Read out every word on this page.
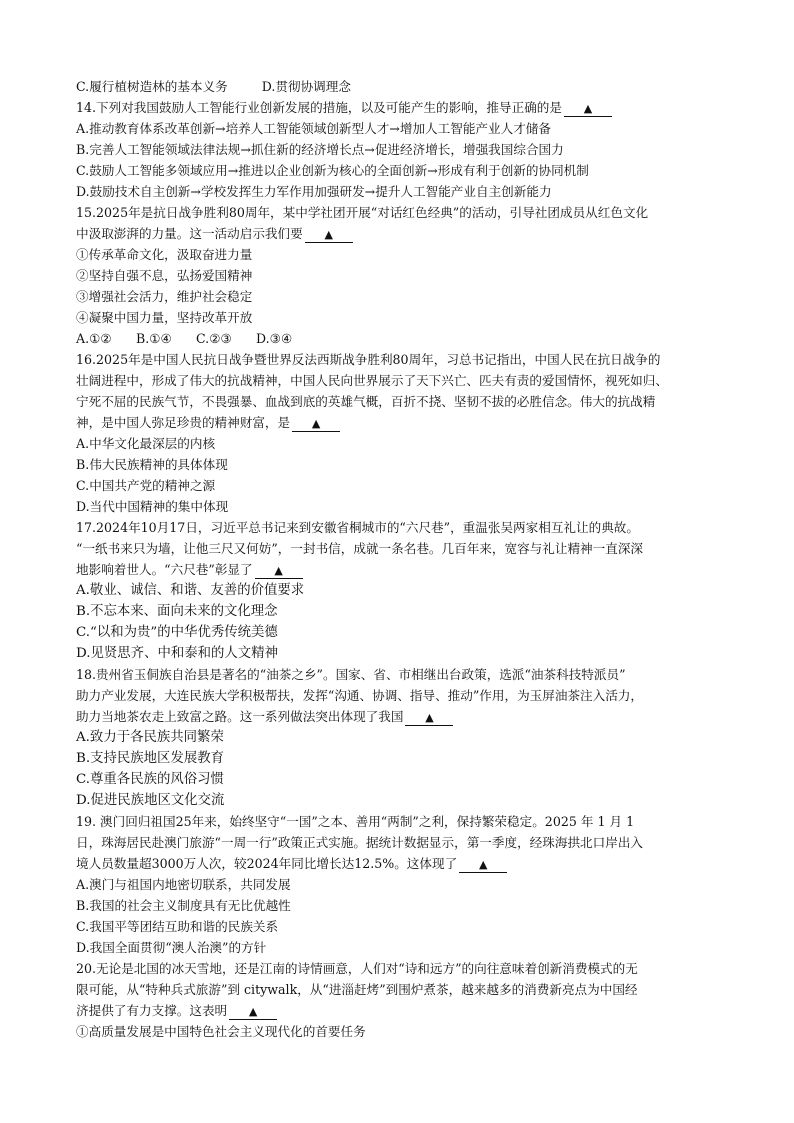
C.履行植树造林的基本义务	D.贯彻协调理念
14.下列对我国鼓励人工智能行业创新发展的措施，以及可能产生的影响，推导正确的是 ▲
A.推动教育体系改革创新→培养人工智能领域创新型人才→增加人工智能产业人才储备
B.完善人工智能领域法律法规→抓住新的经济增长点→促进经济增长，增强我国综合国力
C.鼓励人工智能多领域应用→推进以企业创新为核心的全面创新→形成有利于创新的协同机制
D.鼓励技术自主创新→学校发挥生力军作用加强研发→提升人工智能产业自主创新能力
15.2025年是抗日战争胜利80周年，某中学社团开展“对话红色经典”的活动，引导社团成员从红色文化
中汲取澎湃的力量。这一活动启示我们要 ▲
①传承革命文化，汲取奋进力量
②坚持自强不息，弘扬爱国精神
③增强社会活力，维护社会稳定
④凝聚中国力量，坚持改革开放
A.①② B.①④ C.②③ D.③④
16.2025年是中国人民抗日战争暨世界反法西斯战争胜利80周年，习总书记指出，中国人民在抗日战争的
壮阔进程中，形成了伟大的抗战精神，中国人民向世界展示了天下兴亡、匹夫有责的爱国情怀，视死如归、
宁死不屈的民族气节，不畏强暴、血战到底的英雄气概，百折不挠、坚韧不拔的必胜信念。伟大的抗战精
神，是中国人弥足珍贵的精神财富，是 ▲
A.中华文化最深层的内核
B.伟大民族精神的具体体现
C.中国共产党的精神之源
D.当代中国精神的集中体现
17.2024年10月17日，习近平总书记来到安徽省桐城市的“六尺巷”，重温张吴两家相互礼让的典故。
“一纸书来只为墙，让他三尺又何妨”，一封书信，成就一条名巷。几百年来，宽容与礼让精神一直深深
地影响着世人。“六尺巷”彰显了 ▲
A.敬业、诚信、和谐、友善的价值要求
B.不忘本来、面向未来的文化理念
C.“以和为贵”的中华优秀传统美德
D.见贤思齐、中和泰和的人文精神
18.贵州省玉侗族自治县是著名的“油茶之乡”。国家、省、市相继出台政策，选派“油茶科技特派员”
助力产业发展，大连民族大学积极帮扶，发挥“沟通、协调、指导、推动”作用，为玉屏油茶注入活力，
助力当地茶农走上致富之路。这一系列做法突出体现了我国 ▲
A.致力于各民族共同繁荣
B.支持民族地区发展教育
C.尊重各民族的风俗习惯
D.促进民族地区文化交流
19. 澳门回归祖国25年来，始终坚守“一国”之本、善用“两制”之利，保持繁荣稳定。2025 年 1 月 1
日，珠海居民赴澳门旅游“一周一行”政策正式实施。据统计数据显示，第一季度，经珠海拱北口岸出入
境人员数量超3000万人次，较2024年同比增长达12.5%。这体现了 ▲
A.澳门与祖国内地密切联系，共同发展
B.我国的社会主义制度具有无比优越性
C.我国平等团结互助和谐的民族关系
D.我国全面贯彻“澳人治澳”的方针
20.无论是北国的冰天雪地，还是江南的诗情画意，人们对“诗和远方”的向往意味着创新消费模式的无
限可能，从“特种兵式旅游”到 citywalk，从“进淄赶烤”到围炉煮茶，越来越多的消费新亮点为中国经
济提供了有力支撑。这表明 ▲
①高质量发展是中国特色社会主义现代化的首要任务
